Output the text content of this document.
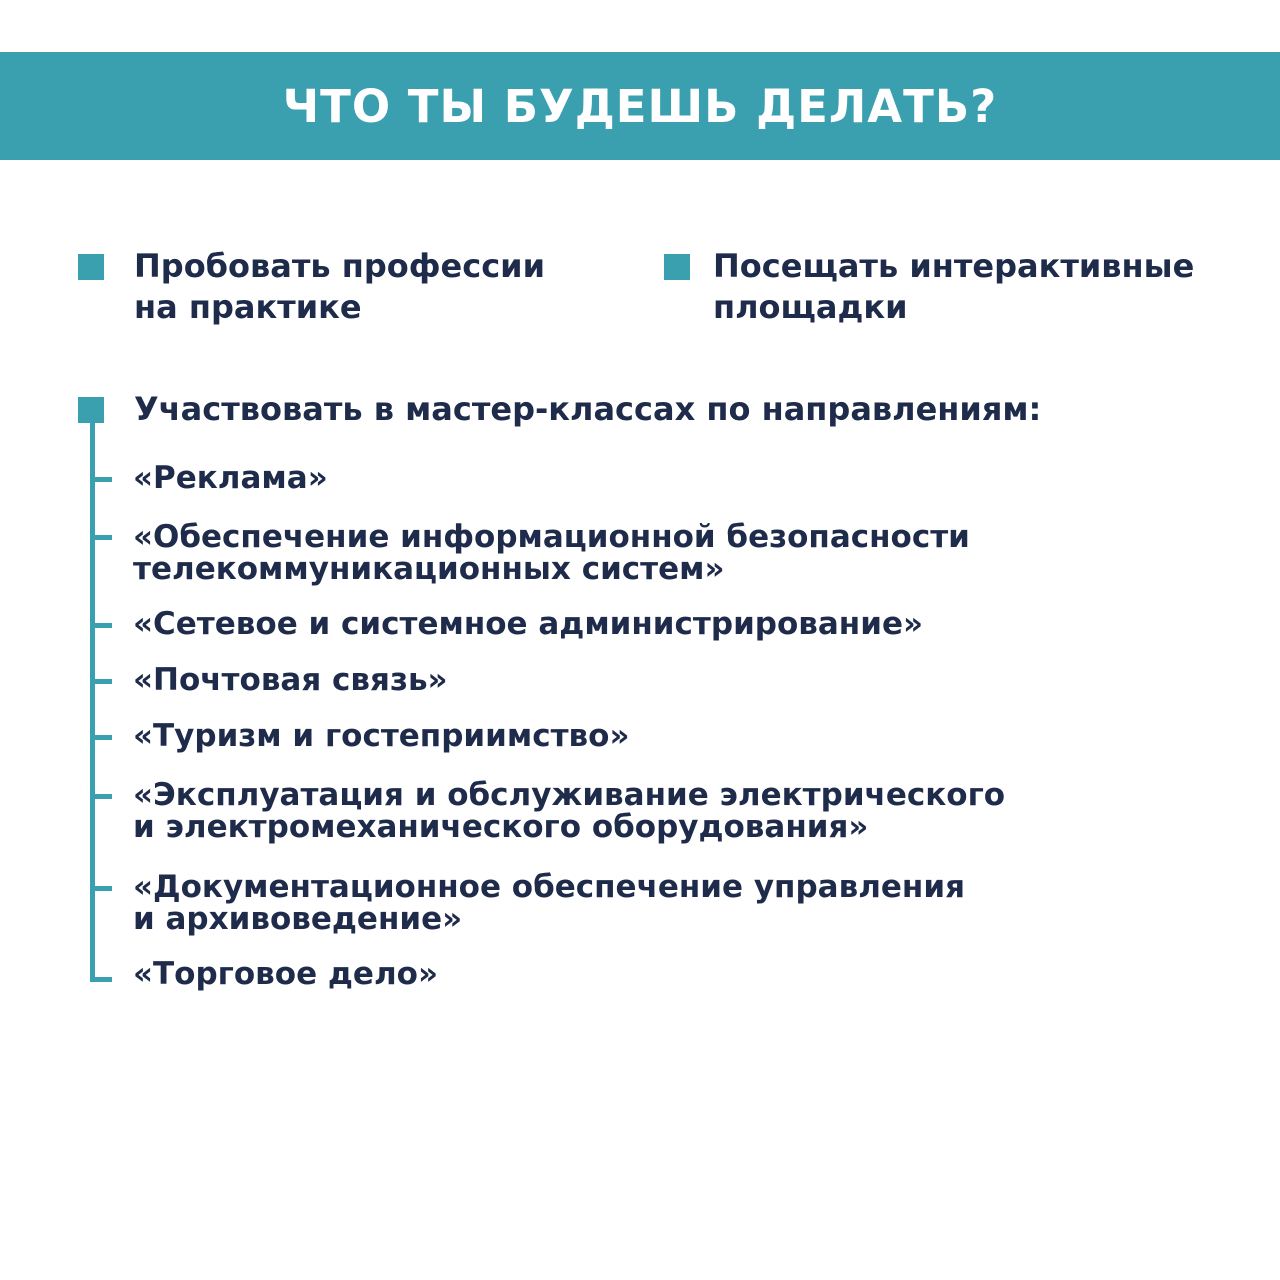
ЧТО ТЫ БУДЕШЬ ДЕЛАТЬ?
Пробовать профессии
на практике
Посещать интерактивные
площадки
Участвовать в мастер-классах по направлениям:
«Реклама»
«Обеспечение информационной безопасности
телекоммуникационных систем»
«Сетевое и системное администрирование»
«Почтовая связь»
«Туризм и гостеприимство»
«Эксплуатация и обслуживание электрического
и электромеханического оборудования»
«Документационное обеспечение управления
и архивоведение»
«Торговое дело»
